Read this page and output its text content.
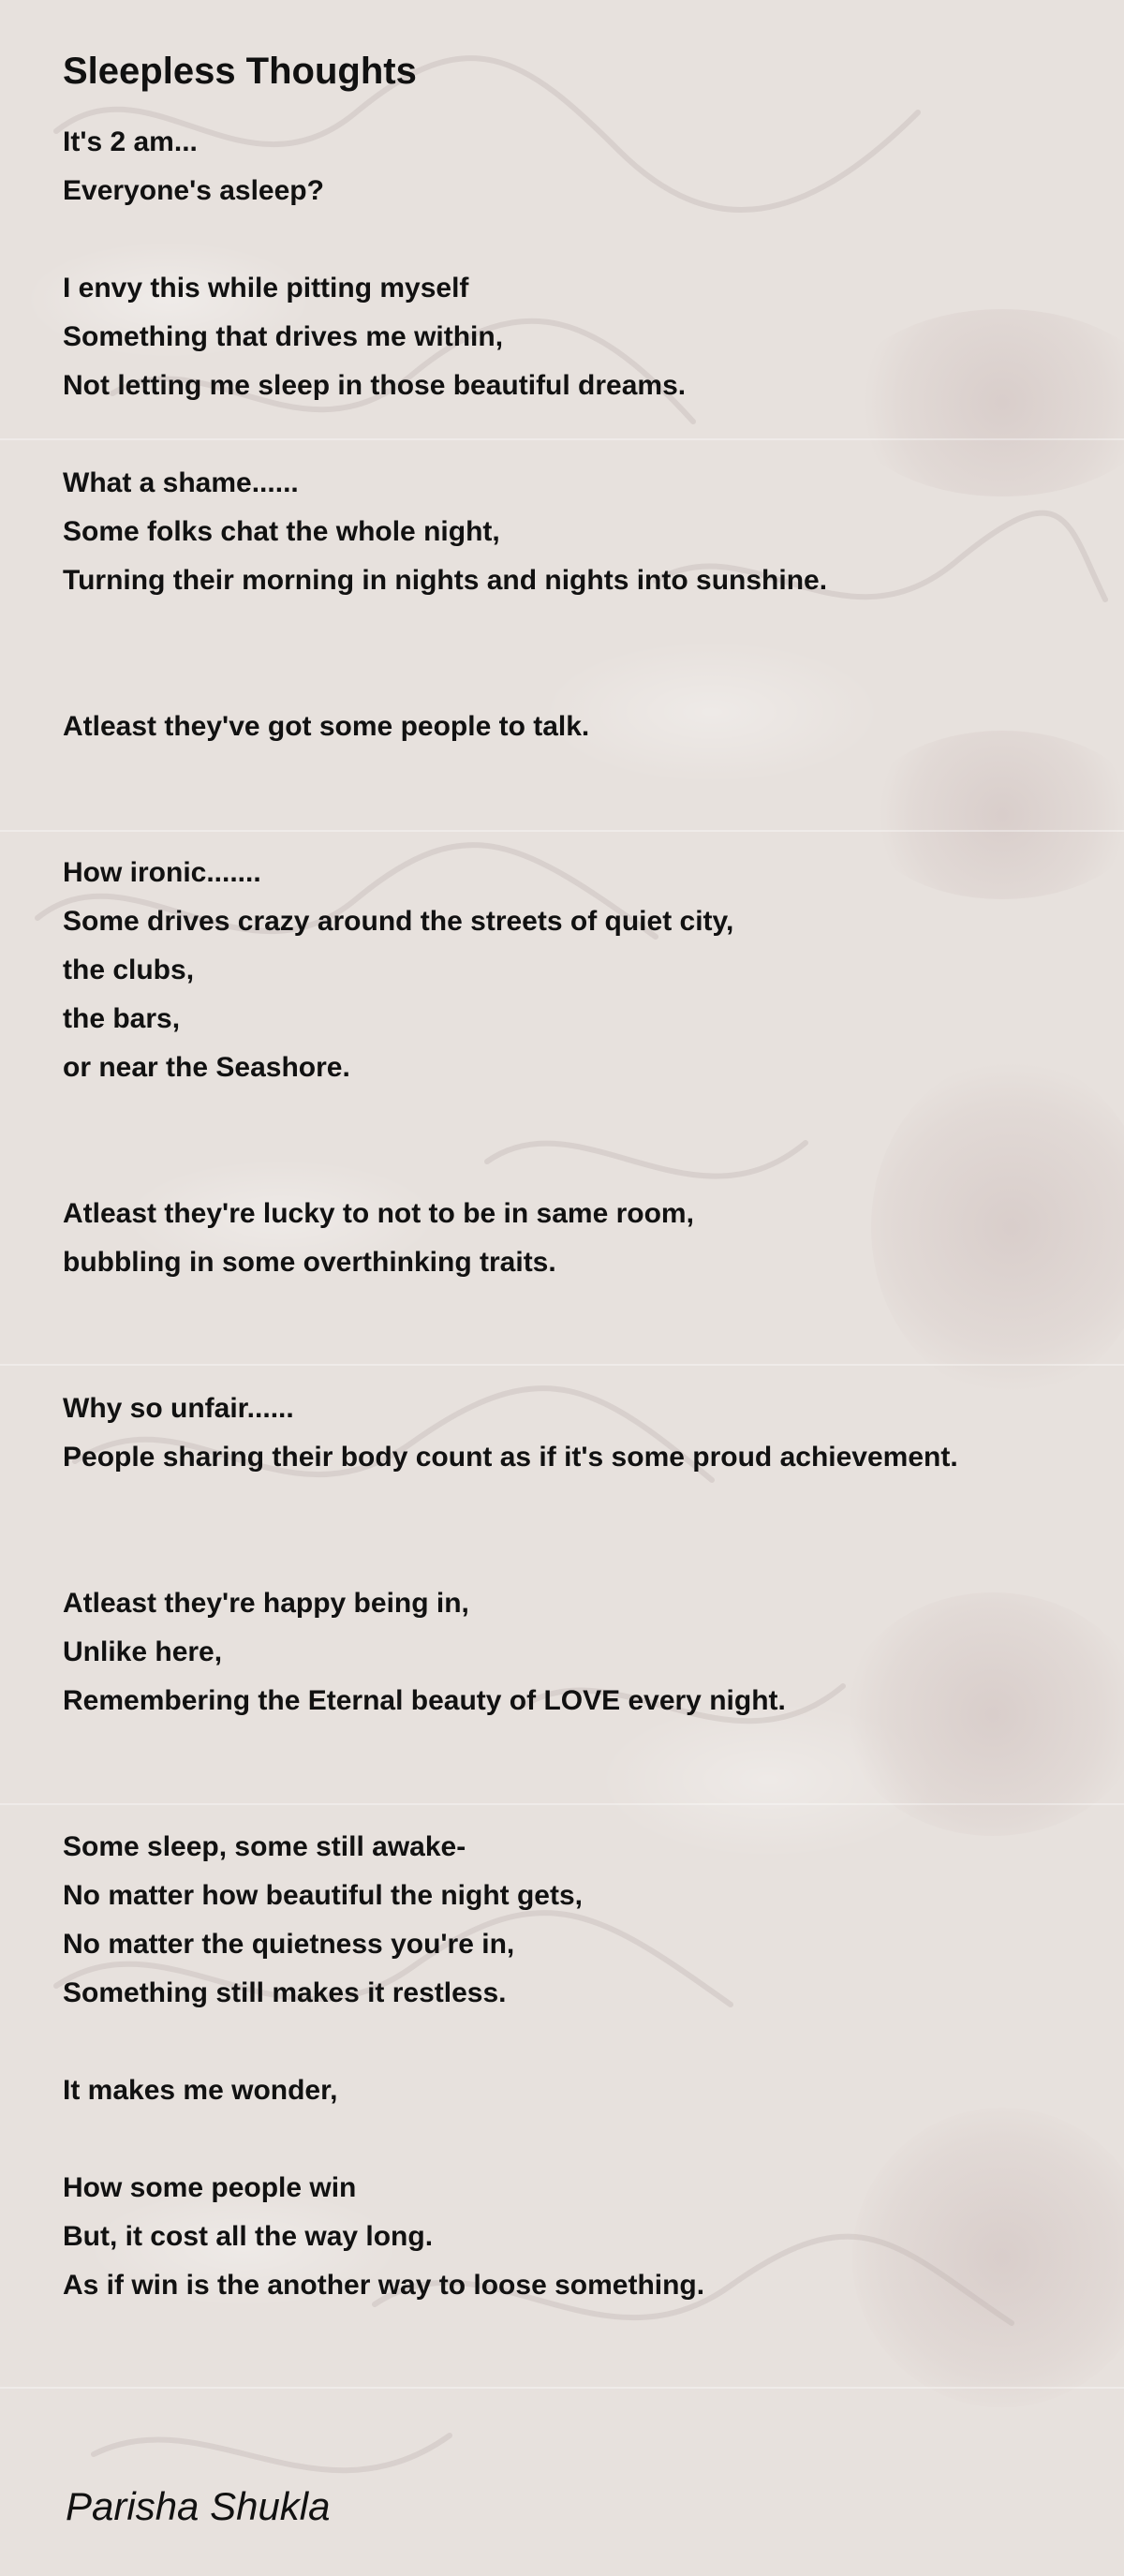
Sleepless Thoughts
It's 2 am...
Everyone's asleep?
I envy this while pitting myself
Something that drives me within,
Not letting me sleep in those beautiful dreams.
What a shame......
Some folks chat the whole night,
Turning their morning in nights and nights into sunshine.
Atleast they've got some people to talk.
How ironic.......
Some drives crazy around the streets of quiet city,
the clubs,
the bars,
or near the Seashore.
Atleast they're lucky to not to be in same room,
bubbling in some overthinking traits.
Why so unfair......
People sharing their body count as if it's some proud achievement.
Atleast they're happy being in,
Unlike here,
Remembering the Eternal beauty of LOVE every night.
Some sleep, some still awake-
No matter how beautiful the night gets,
No matter the quietness you're in,
Something still makes it restless.
It makes me wonder,
How some people win
But, it cost all the way long.
As if win is the another way to loose something.
Parisha Shukla
